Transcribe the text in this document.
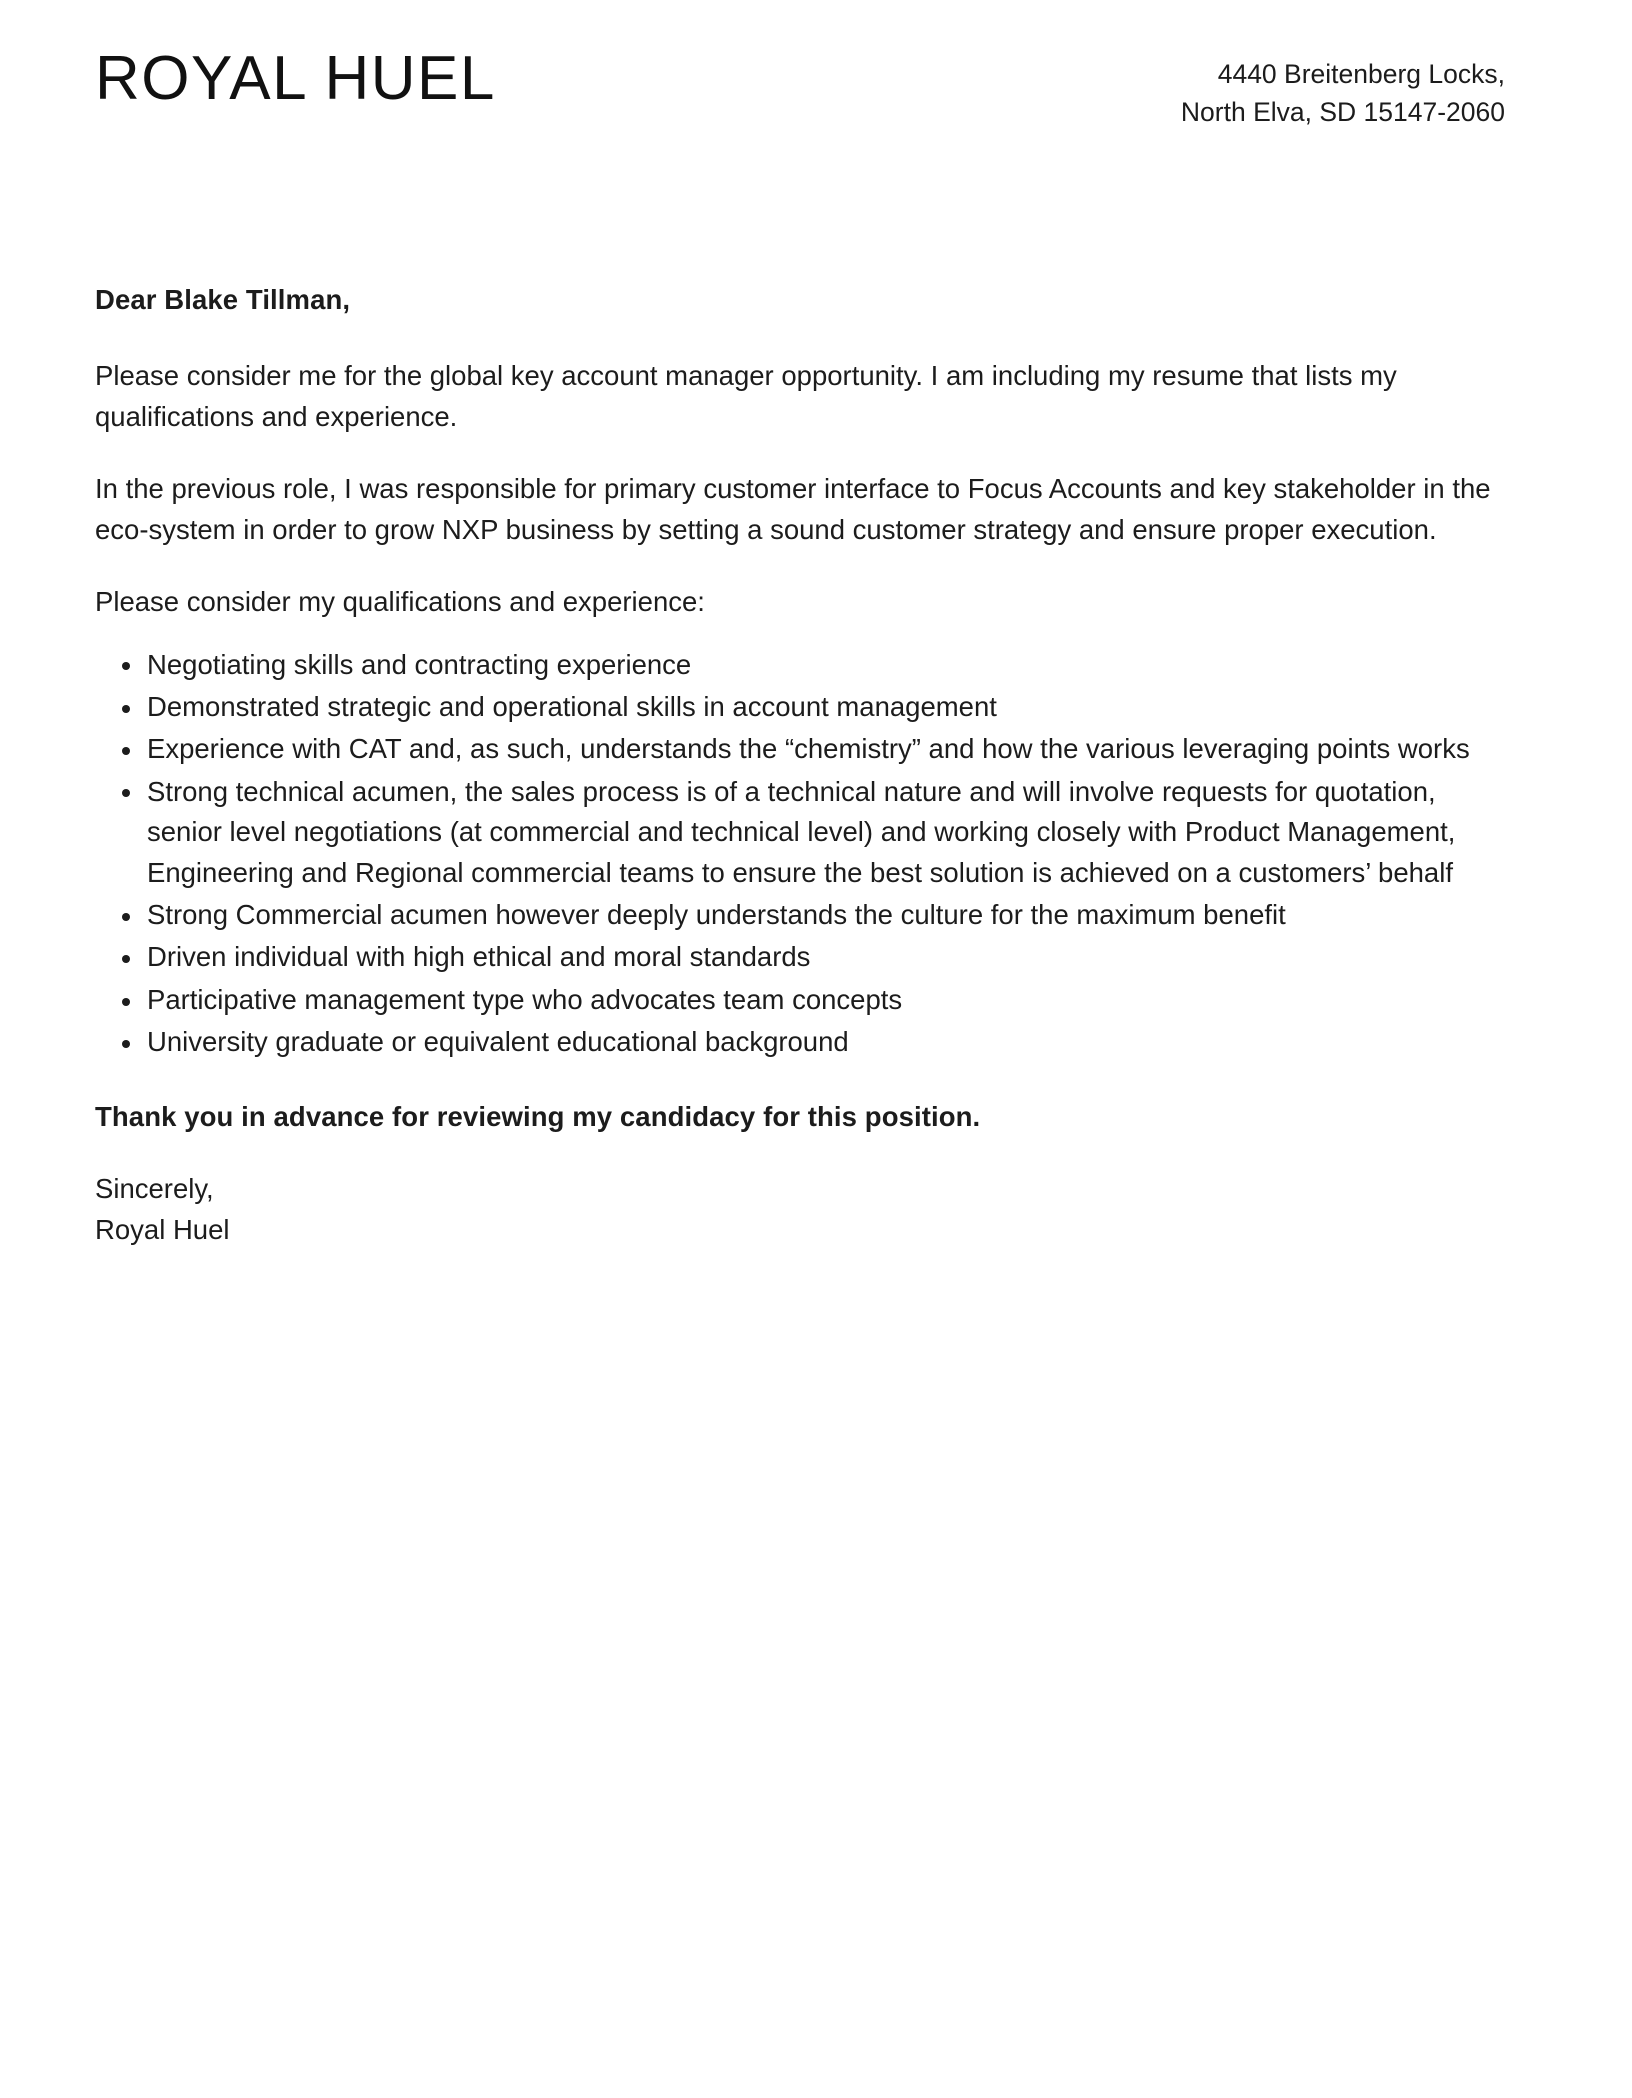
ROYAL HUEL	4440 Breitenberg Locks,
North Elva, SD 15147-2060

Dear Blake Tillman,

Please consider me for the global key account manager opportunity. I am including my resume that lists my qualifications and experience.

In the previous role, I was responsible for primary customer interface to Focus Accounts and key stakeholder in the eco-system in order to grow NXP business by setting a sound customer strategy and ensure proper execution.

Please consider my qualifications and experience:

Negotiating skills and contracting experience
Demonstrated strategic and operational skills in account management
Experience with CAT and, as such, understands the “chemistry” and how the various leveraging points works
Strong technical acumen, the sales process is of a technical nature and will involve requests for quotation, senior level negotiations (at commercial and technical level) and working closely with Product Management, Engineering and Regional commercial teams to ensure the best solution is achieved on a customers’ behalf
Strong Commercial acumen however deeply understands the culture for the maximum benefit
Driven individual with high ethical and moral standards
Participative management type who advocates team concepts
University graduate or equivalent educational background

Thank you in advance for reviewing my candidacy for this position.

Sincerely,
Royal Huel
